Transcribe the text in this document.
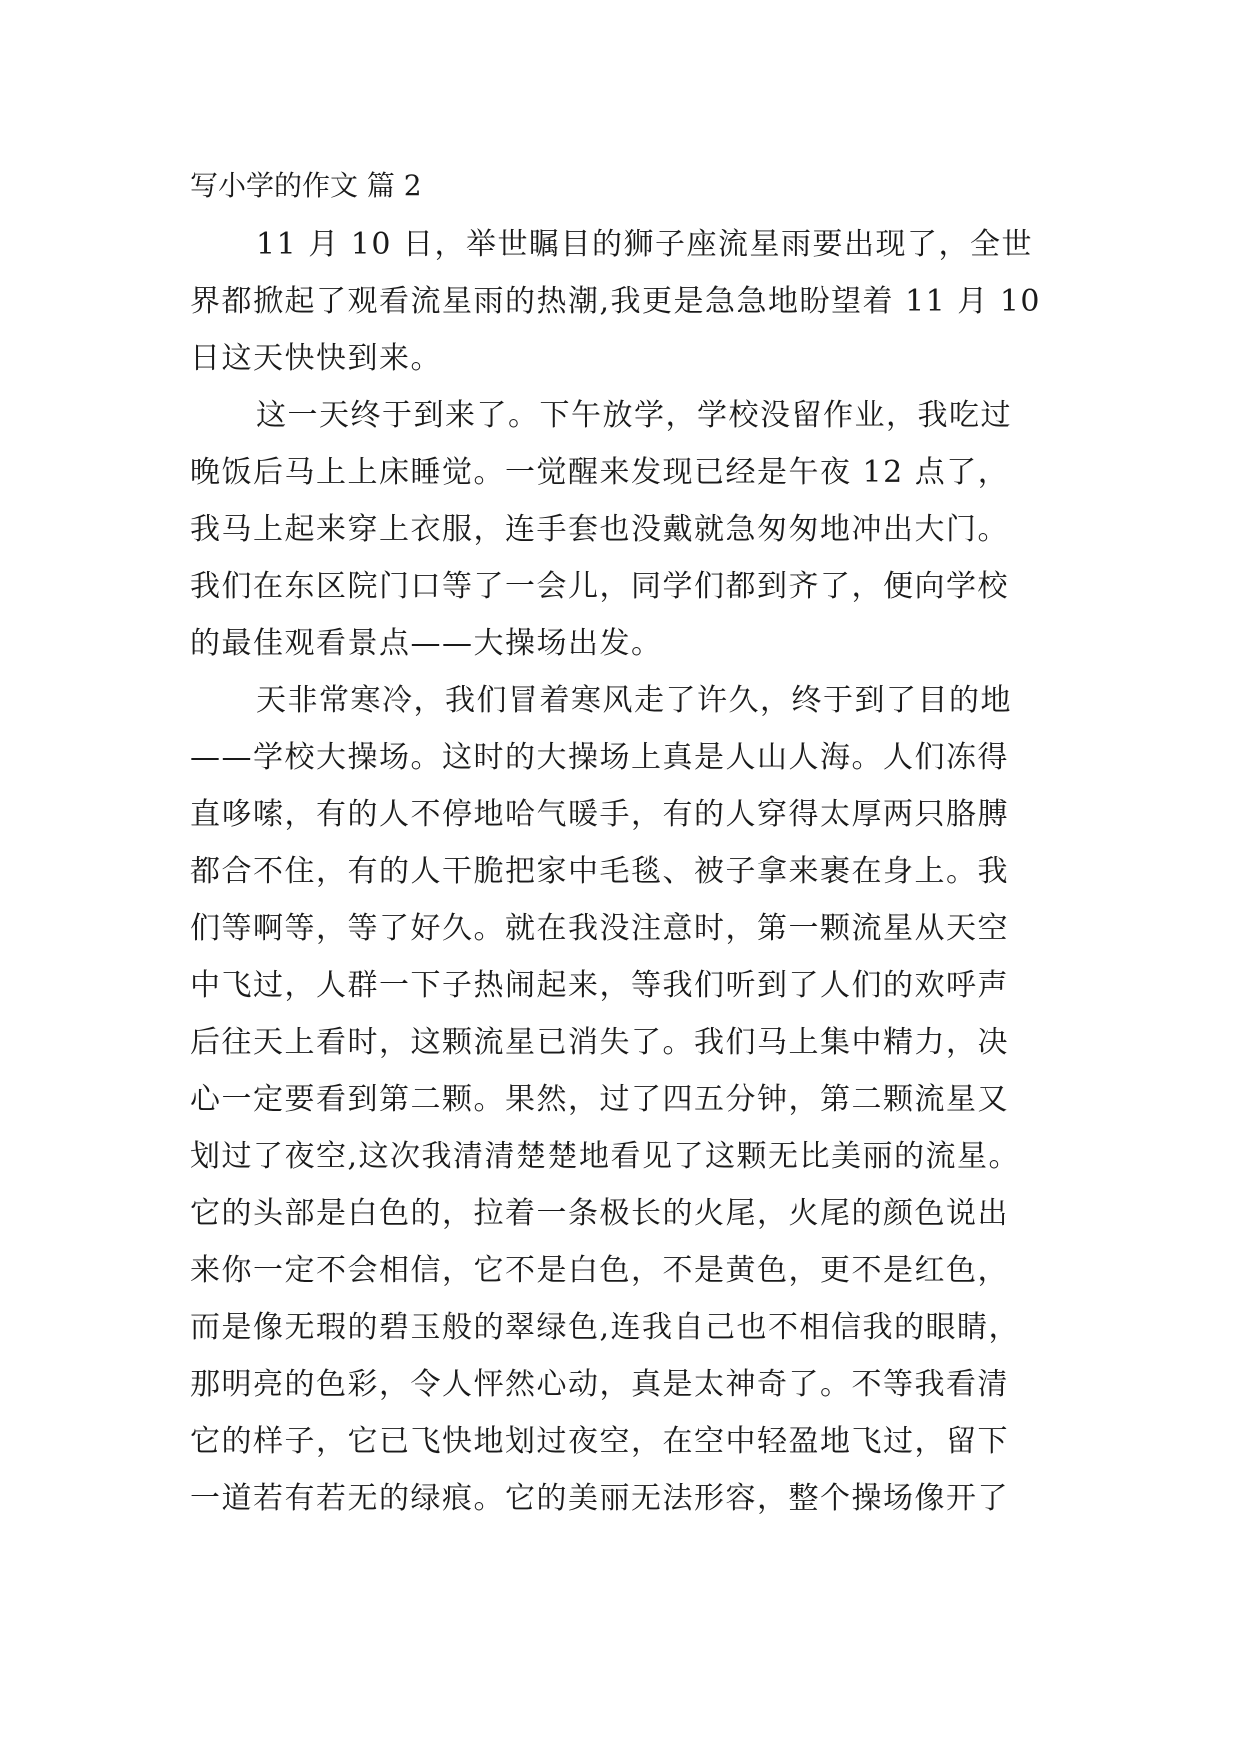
写小学的作文 篇 2
11 月 10 日，举世瞩目的狮子座流星雨要出现了，全世
界都掀起了观看流星雨的热潮,我更是急急地盼望着 11 月 10
日这天快快到来。
这一天终于到来了。下午放学，学校没留作业，我吃过
晚饭后马上上床睡觉。一觉醒来发现已经是午夜 12 点了，
我马上起来穿上衣服，连手套也没戴就急匆匆地冲出大门。
我们在东区院门口等了一会儿，同学们都到齐了，便向学校
的最佳观看景点——大操场出发。
天非常寒冷，我们冒着寒风走了许久，终于到了目的地
——学校大操场。这时的大操场上真是人山人海。人们冻得
直哆嗦，有的人不停地哈气暖手，有的人穿得太厚两只胳膊
都合不住，有的人干脆把家中毛毯、被子拿来裹在身上。我
们等啊等，等了好久。就在我没注意时，第一颗流星从天空
中飞过，人群一下子热闹起来，等我们听到了人们的欢呼声
后往天上看时，这颗流星已消失了。我们马上集中精力，决
心一定要看到第二颗。果然，过了四五分钟，第二颗流星又
划过了夜空,这次我清清楚楚地看见了这颗无比美丽的流星。
它的头部是白色的，拉着一条极长的火尾，火尾的颜色说出
来你一定不会相信，它不是白色，不是黄色，更不是红色，
而是像无瑕的碧玉般的翠绿色,连我自己也不相信我的眼睛，
那明亮的色彩，令人怦然心动，真是太神奇了。不等我看清
它的样子，它已飞快地划过夜空，在空中轻盈地飞过，留下
一道若有若无的绿痕。它的美丽无法形容，整个操场像开了
